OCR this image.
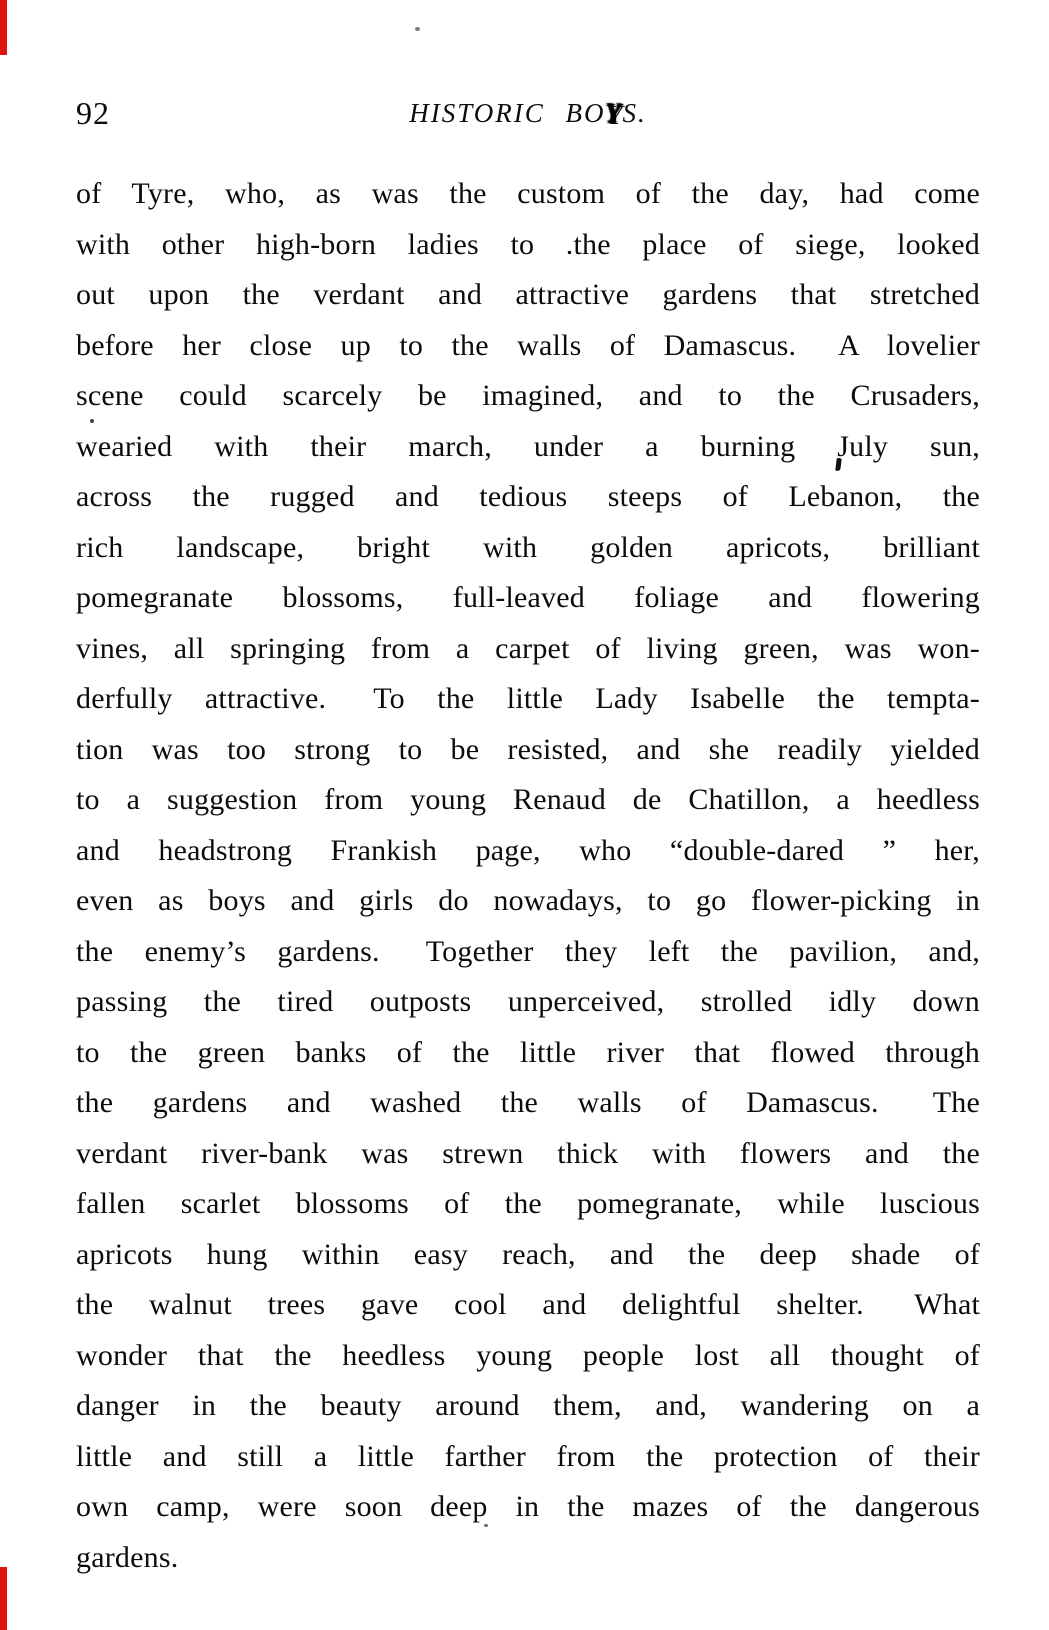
92	HISTORIC BOYS.
of Tyre, who, as was the custom of the day, had come
with other high-born ladies to .the place of siege, looked
out upon the verdant and attractive gardens that stretched
before her close up to the walls of Damascus.  A lovelier
scene could scarcely be imagined, and to the Crusaders,
wearied with their march, under a burning July sun,
across the rugged and tedious steeps of Lebanon, the
rich landscape, bright with golden apricots, brilliant
pomegranate blossoms, full-leaved foliage and flowering
vines, all springing from a carpet of living green, was won-
derfully attractive.  To the little Lady Isabelle the tempta-
tion was too strong to be resisted, and she readily yielded
to a suggestion from young Renaud de Chatillon, a heedless
and headstrong Frankish page, who “double-dared ” her,
even as boys and girls do nowadays, to go flower-picking in
the enemy’s gardens.  Together they left the pavilion, and,
passing the tired outposts unperceived, strolled idly down
to the green banks of the little river that flowed through
the gardens and washed the walls of Damascus.  The
verdant river-bank was strewn thick with flowers and the
fallen scarlet blossoms of the pomegranate, while luscious
apricots hung within easy reach, and the deep shade of
the walnut trees gave cool and delightful shelter.  What
wonder that the heedless young people lost all thought of
danger in the beauty around them, and, wandering on a
little and still a little farther from the protection of their
own camp, were soon deep in the mazes of the dangerous
gardens.
